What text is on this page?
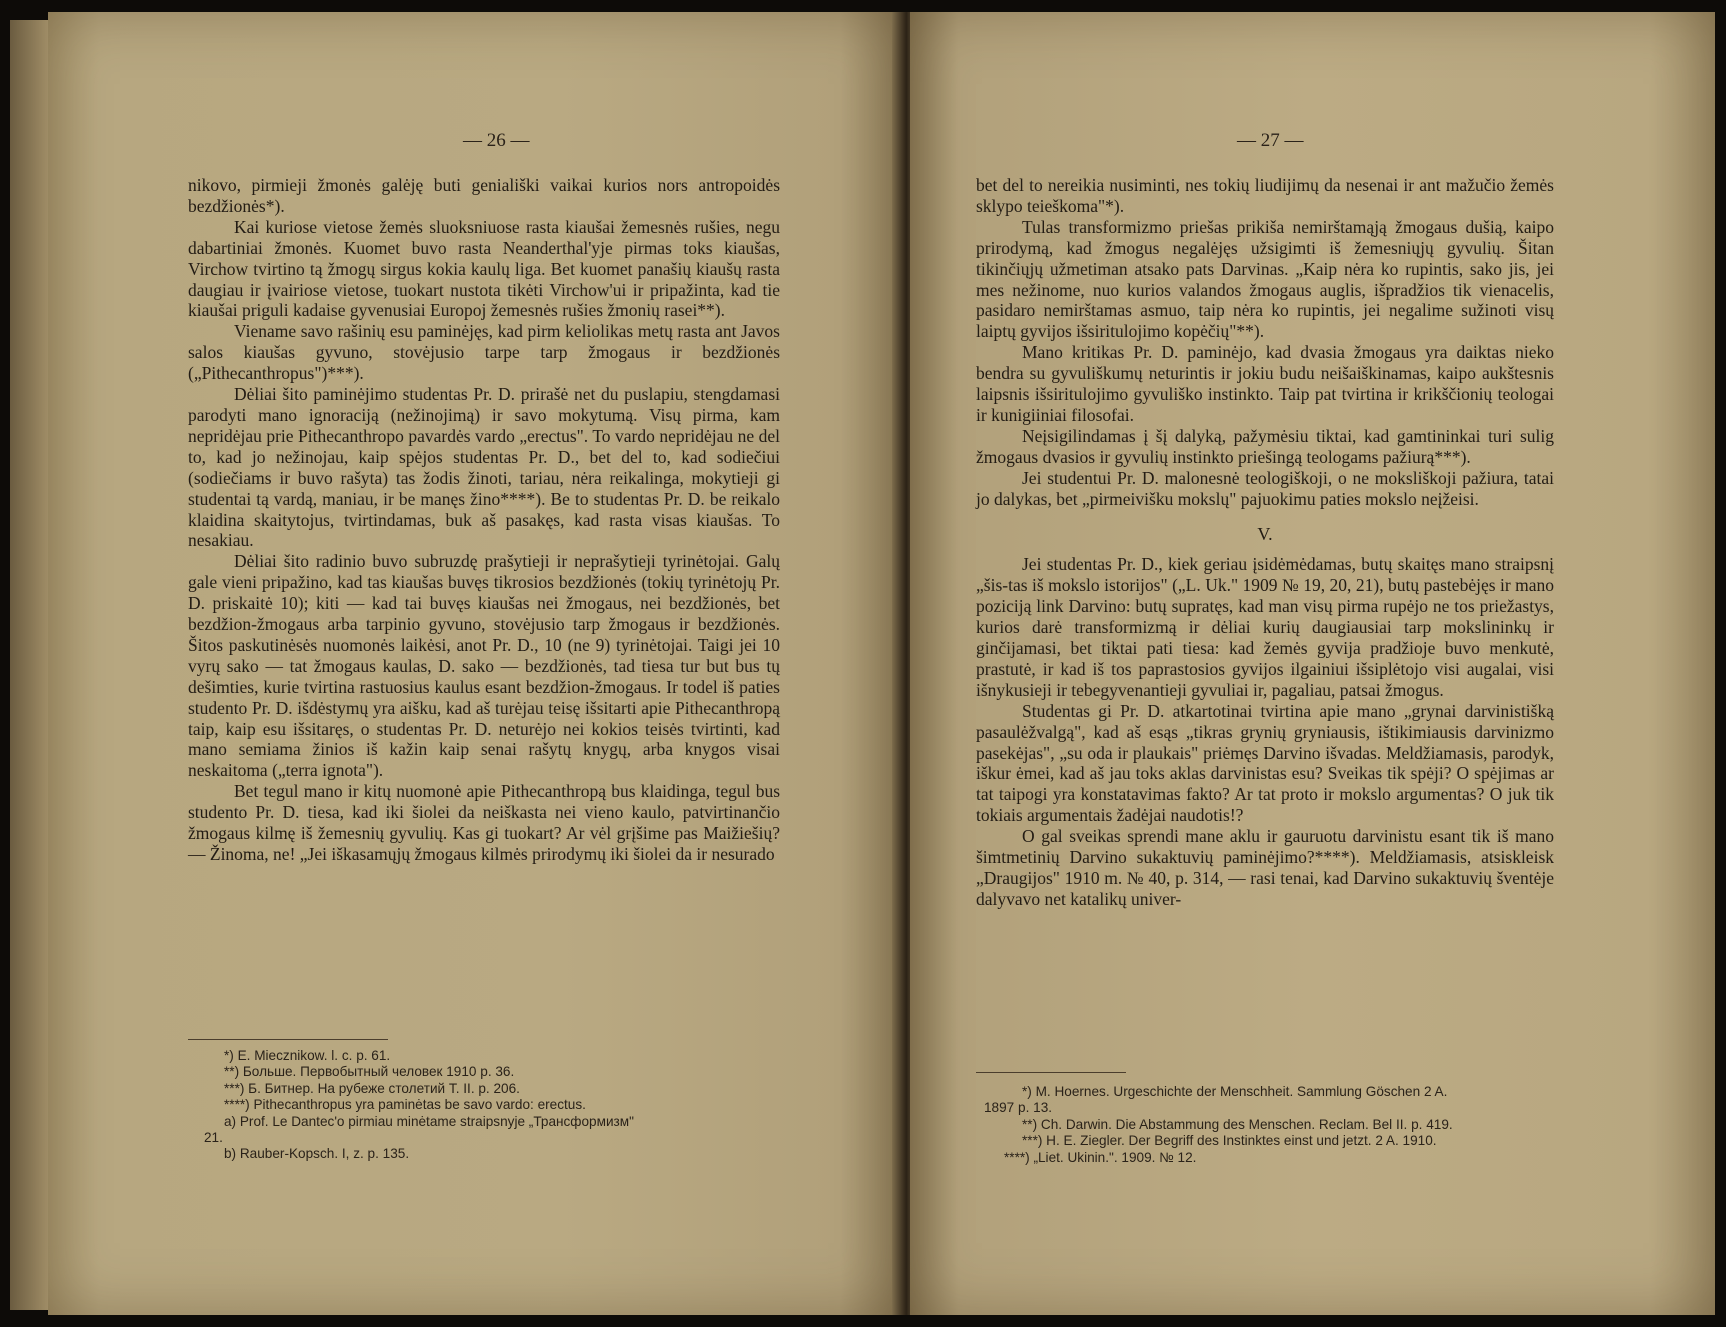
— 26 —

nikovo, pirmieji žmonės galėję buti geniališki vaikai kurios nors antropoidės bezdžionės*).

Kai kuriose vietose žemės sluoksniuose rasta kiaušai žemesnės rušies, negu dabartiniai žmonės. Kuomet buvo rasta Neanderthal'yje pirmas toks kiaušas, Virchow tvirtino tą žmogų sirgus kokia kaulų liga. Bet kuomet panašių kiaušų rasta daugiau ir įvairiose vietose, tuokart nustota tikėti Virchow'ui ir pripažinta, kad tie kiaušai priguli kadaise gyvenusiai Europoj žemesnės rušies žmonių rasei**).

Viename savo rašinių esu paminėjęs, kad pirm keliolikas metų rasta ant Javos salos kiaušas gyvuno, stovėjusio tarpe tarp žmogaus ir bezdžionės („Pithecanthropus")***).

Dėliai šito paminėjimo studentas Pr. D. prirašė net du puslapiu, stengdamasi parodyti mano ignoraciją (nežinojimą) ir savo mokytumą. Visų pirma, kam nepridėjau prie Pithecanthropo pavardės vardo „erectus". To vardo nepridėjau ne del to, kad jo nežinojau, kaip spėjos studentas Pr. D., bet del to, kad sodiečiui (sodiečiams ir buvo rašyta) tas žodis žinoti, tariau, nėra reikalinga, mokytieji gi studentai tą vardą, maniau, ir be manęs žino****). Be to studentas Pr. D. be reikalo klaidina skaitytojus, tvirtindamas, buk aš pasakęs, kad rasta visas kiaušas. To nesakiau.

Dėliai šito radinio buvo subruzdę prašytieji ir neprašytieji tyrinėtojai. Galų gale vieni pripažino, kad tas kiaušas buvęs tikrosios bezdžionės (tokių tyrinėtojų Pr. D. priskaitė 10); kiti — kad tai buvęs kiaušas nei žmogaus, nei bezdžionės, bet bezdžion-žmogaus arba tarpinio gyvuno, stovėjusio tarp žmogaus ir bezdžionės. Šitos paskutinėsės nuomonės laikėsi, anot Pr. D., 10 (ne 9) tyrinėtojai. Taigi jei 10 vyrų sako — tat žmogaus kaulas, D. sako — bezdžionės, tad tiesa tur but bus tų dešimties, kurie tvirtina rastuosius kaulus esant bezdžion-žmogaus. Ir todel iš paties studento Pr. D. išdėstymų yra aišku, kad aš turėjau teisę išsitarti apie Pithecanthropą taip, kaip esu išsitaręs, o studentas Pr. D. neturėjo nei kokios teisės tvirtinti, kad mano semiama žinios iš kažin kaip senai rašytų knygų, arba knygos visai neskaitoma („terra ignota").

Bet tegul mano ir kitų nuomonė apie Pithecanthropą bus klaidinga, tegul bus studento Pr. D. tiesa, kad iki šiolei da neiškasta nei vieno kaulo, patvirtinančio žmogaus kilmę iš žemesnių gyvulių. Kas gi tuokart? Ar vėl grįšime pas Maižiešių? — Žinoma, ne! „Jei iškasamųjų žmogaus kilmės prirodymų iki šiolei da ir nesurado

*) E. Miecznikow. l. c. p. 61.
**) Больше. Первобытный человек 1910 p. 36.
***) Б. Битнер. На рубеже столетий Т. II. p. 206.
****) Pithecanthropus yra paminėtas be savo vardo: erectus.
a) Prof. Le Dantec'o pirmiau minėtame straipsnyje „Трансформизм"
21.
b) Rauber-Kopsch. I, z. p. 135.
— 27 —

bet del to nereikia nusiminti, nes tokių liudijimų da nesenai ir ant mažučio žemės sklypo teieškoma"*).

Tulas transformizmo priešas prikiša nemirštamąją žmogaus dušią, kaipo prirodymą, kad žmogus negalėjęs užsigimti iš žemesniųjų gyvulių. Šitan tikinčiųjų užmetiman atsako pats Darvinas. „Kaip nėra ko rupintis, sako jis, jei mes nežinome, nuo kurios valandos žmogaus auglis, išpradžios tik vienacelis, pasidaro nemirštamas asmuo, taip nėra ko rupintis, jei negalime sužinoti visų laiptų gyvijos išsiritulojimo kopėčių"**).

Mano kritikas Pr. D. paminėjo, kad dvasia žmogaus yra daiktas nieko bendra su gyvuliškumų neturintis ir jokiu budu neišaiškinamas, kaipo aukštesnis laipsnis išsiritulojimo gyvuliško instinkto. Taip pat tvirtina ir krikščionių teologai ir kunigiiniai filosofai.

Neįsigilindamas į šį dalyką, pažymėsiu tiktai, kad gamtininkai turi sulig žmogaus dvasios ir gyvulių instinkto priešingą teologams pažiurą***).

Jei studentui Pr. D. malonesnė teologiškoji, o ne moksliškoji pažiura, tatai jo dalykas, bet „pirmeivišku mokslų" pajuokimu paties mokslo neįžeisi.

V.

Jei studentas Pr. D., kiek geriau įsidėmėdamas, butų skaitęs mano straipsnį „šis-tas iš mokslo istorijos" („L. Uk." 1909 № 19, 20, 21), butų pastebėjęs ir mano poziciją link Darvino: butų supratęs, kad man visų pirma rupėjo ne tos priežastys, kurios darė transformizmą ir dėliai kurių daugiausiai tarp mokslininkų ir ginčijamasi, bet tiktai pati tiesa: kad žemės gyvija pradžioje buvo menkutė, prastutė, ir kad iš tos paprastosios gyvijos ilgainiui išsiplėtojo visi augalai, visi išnykusieji ir tebegyvenantieji gyvuliai ir, pagaliau, patsai žmogus.

Studentas gi Pr. D. atkartotinai tvirtina apie mano „grynai darvinistišką pasaulėžvalgą", kad aš esąs „tikras grynių gryniausis, ištikimiausis darvinizmo pasekėjas", „su oda ir plaukais" priėmęs Darvino išvadas. Meldžiamasis, parodyk, iškur ėmei, kad aš jau toks aklas darvinistas esu? Sveikas tik spėji? O spėjimas ar tat taipogi yra konstatavimas fakto? Ar tat proto ir mokslo argumentas? O juk tik tokiais argumentais žadėjai naudotis!?

O gal sveikas sprendi mane aklu ir gauruotu darvinistu esant tik iš mano šimtmetinių Darvino sukaktuvių paminėjimo?****). Meldžiamasis, atsiskleisk „Draugijos" 1910 m. № 40, p. 314, — rasi tenai, kad Darvino sukaktuvių šventėje dalyvavo net katalikų univer-

*) M. Hoernes. Urgeschichte der Menschheit. Sammlung Göschen 2 A.
1897 p. 13.
**) Ch. Darwin. Die Abstammung des Menschen. Reclam. Bel II. p. 419.
***) H. E. Ziegler. Der Begriff des Instinktes einst und jetzt. 2 A. 1910.
****) „Liet. Ukinin.". 1909. № 12.
